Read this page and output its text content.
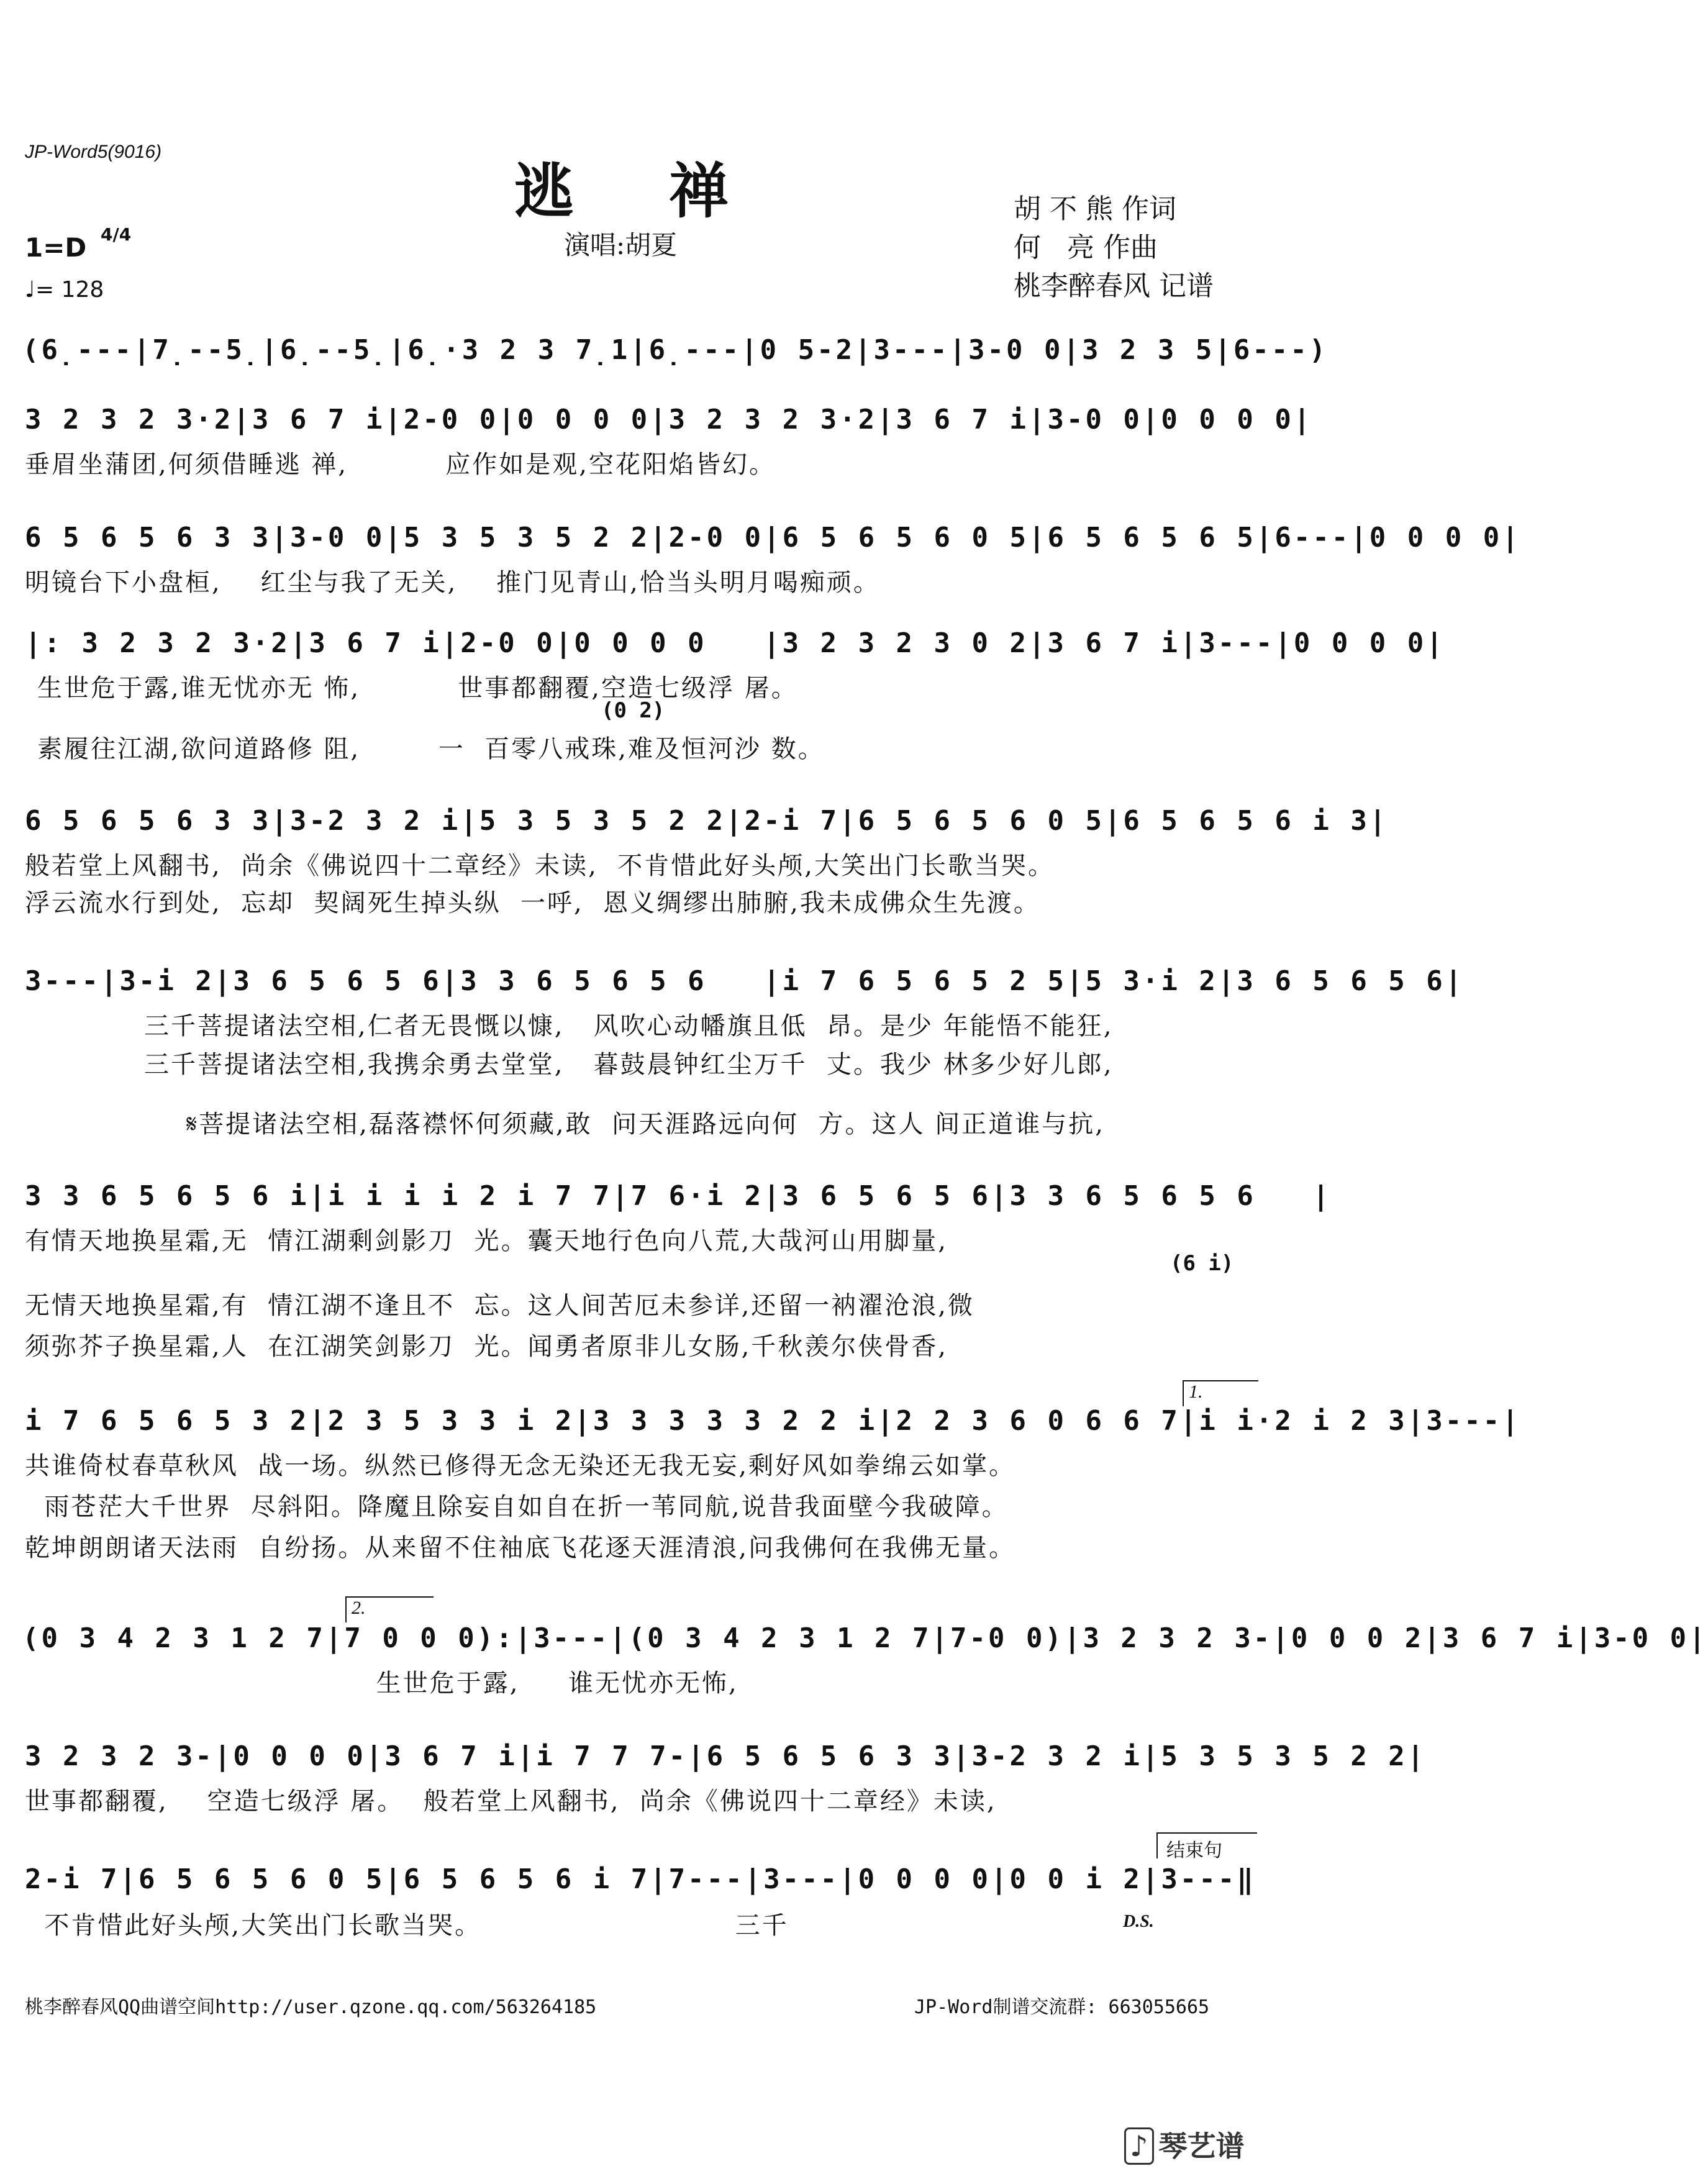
JP-Word5(9016)
逃 禅
演唱:胡夏
胡 不 熊 作词
何   亮 作曲
桃李醉春风 记谱
1=D 4/4
♩= 128
(6̣---|7̣--5̣|6̣--5̣|6̣·3 2 3 7̣1|6̣---|0 5-2|3---|3-0 0|3 2 3 5|6---)
3 2 3 2 3·2|3 6 7 i|2-0 0|0 0 0 0|3 2 3 2 3·2|3 6 7 i|3-0 0|0 0 0 0|
垂眉坐蒲团,何须借睡逃 禅,          应作如是观,空花阳焰皆幻。
6 5 6 5 6 3 3|3-0 0|5 3 5 3 5 2 2|2-0 0|6 5 6 5 6 0 5|6 5 6 5 6 5|6---|0 0 0 0|
明镜台下小盘桓,    红尘与我了无关,    推门见青山,恰当头明月喝痴顽。
|: 3 2 3 2 3·2|3 6 7 i|2-0 0|0 0 0 0   |3 2 3 2 3 0 2|3 6 7 i|3---|0 0 0 0|
生世危于露,谁无忧亦无 怖,          世事都翻覆,空造七级浮 屠。
(0 2)
素履往江湖,欲问道路修 阻,        一  百零八戒珠,难及恒河沙 数。
6 5 6 5 6 3 3|3-2 3 2 i|5 3 5 3 5 2 2|2-i 7|6 5 6 5 6 0 5|6 5 6 5 6 i 3|
般若堂上风翻书,  尚余《佛说四十二章经》未读,  不肯惜此好头颅,大笑出门长歌当哭。
浮云流水行到处,  忘却  契阔死生掉头纵  一呼,  恩义绸缪出肺腑,我未成佛众生先渡。
3---|3-i 2|3 6 5 6 5 6|3 3 6 5 6 5 6   |i 7 6 5 6 5 2 5|5 3·i 2|3 6 5 6 5 6|
三千菩提诸法空相,仁者无畏慨以慷,   风吹心动幡旗且低  昂。是少 年能悟不能狂,
三千菩提诸法空相,我携余勇去堂堂,   暮鼓晨钟红尘万千  丈。我少 林多少好儿郎,
𝄋菩提诸法空相,磊落襟怀何须藏,敢  问天涯路远向何  方。这人 间正道谁与抗,
3 3 6 5 6 5 6 i|i i i i 2 i 7 7|7 6·i 2|3 6 5 6 5 6|3 3 6 5 6 5 6   |
有情天地换星霜,无  情江湖剩剑影刀  光。囊天地行色向八荒,大哉河山用脚量,
(6 i)
无情天地换星霜,有  情江湖不逢且不  忘。这人间苦厄未参详,还留一衲濯沧浪,微
须弥芥子换星霜,人  在江湖笑剑影刀  光。闻勇者原非儿女肠,千秋羡尔侠骨香,
1.
i 7 6 5 6 5 3 2|2 3 5 3 3 i 2|3 3 3 3 3 2 2 i|2 2 3 6 0 6 6 7|i i·2 i 2 3|3---|
共谁倚杖春草秋风  战一场。纵然已修得无念无染还无我无妄,剩好风如拳绵云如掌。
雨苍茫大千世界  尽斜阳。降魔且除妄自如自在折一苇同航,说昔我面壁今我破障。
乾坤朗朗诸天法雨  自纷扬。从来留不住袖底飞花逐天涯清浪,问我佛何在我佛无量。
2.
(0 3 4 2 3 1 2 7|7 0 0 0):|3---|(0 3 4 2 3 1 2 7|7-0 0)|3 2 3 2 3-|0 0 0 2|3 6 7 i|3-0 0|
生世危于露,     谁无忧亦无怖,
3 2 3 2 3-|0 0 0 0|3 6 7 i|i 7 7 7-|6 5 6 5 6 3 3|3-2 3 2 i|5 3 5 3 5 2 2|
世事都翻覆,    空造七级浮 屠。  般若堂上风翻书,  尚余《佛说四十二章经》未读,
结束句
2-i 7|6 5 6 5 6 0 5|6 5 6 5 6 i 7|7---|3---|0 0 0 0|0 0 i 2|3---‖
不肯惜此好头颅,大笑出门长歌当哭。                          三千	D.S.
桃李醉春风QQ曲谱空间http://user.qzone.qq.com/563264185	JP-Word制谱交流群: 663055665

♪ 琴艺谱
